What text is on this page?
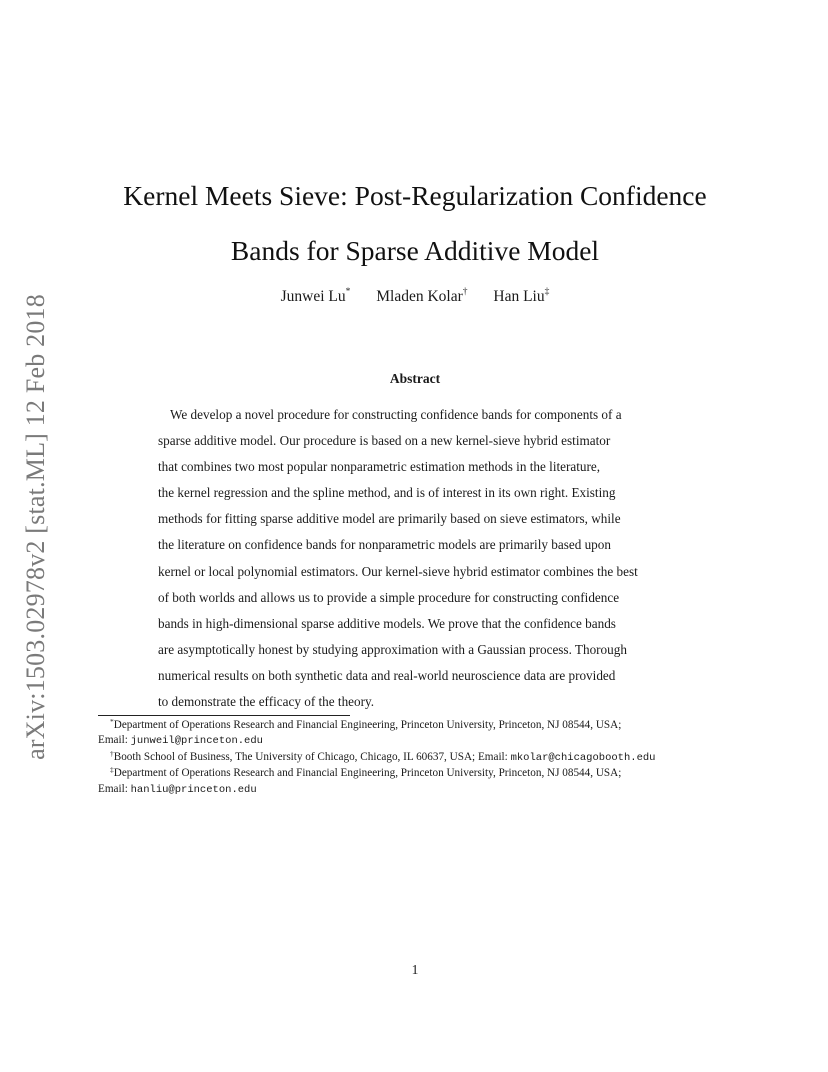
arXiv:1503.02978v2 [stat.ML] 12 Feb 2018
Kernel Meets Sieve: Post-Regularization Confidence
Bands for Sparse Additive Model
Junwei Lu* Mladen Kolar† Han Liu‡
Abstract
We develop a novel procedure for constructing confidence bands for components of a
sparse additive model. Our procedure is based on a new kernel-sieve hybrid estimator
that combines two most popular nonparametric estimation methods in the literature,
the kernel regression and the spline method, and is of interest in its own right. Existing
methods for fitting sparse additive model are primarily based on sieve estimators, while
the literature on confidence bands for nonparametric models are primarily based upon
kernel or local polynomial estimators. Our kernel-sieve hybrid estimator combines the best
of both worlds and allows us to provide a simple procedure for constructing confidence
bands in high-dimensional sparse additive models. We prove that the confidence bands
are asymptotically honest by studying approximation with a Gaussian process. Thorough
numerical results on both synthetic data and real-world neuroscience data are provided
to demonstrate the efficacy of the theory.
*Department of Operations Research and Financial Engineering, Princeton University, Princeton, NJ 08544, USA;
Email: junweil@princeton.edu
†Booth School of Business, The University of Chicago, Chicago, IL 60637, USA; Email: mkolar@chicagobooth.edu
‡Department of Operations Research and Financial Engineering, Princeton University, Princeton, NJ 08544, USA;
Email: hanliu@princeton.edu
1
